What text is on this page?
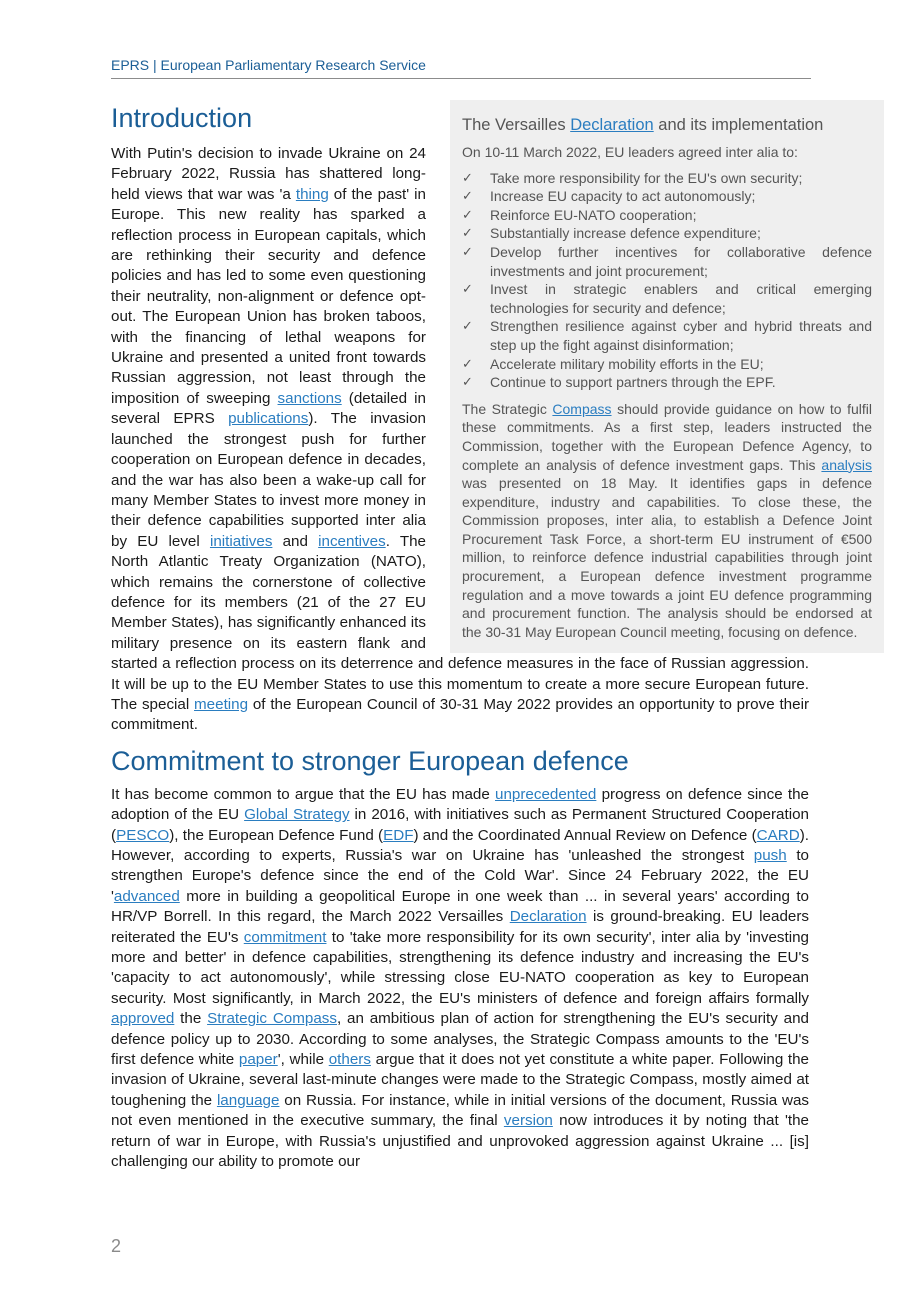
EPRS | European Parliamentary Research Service
The Versailles Declaration and its implementation
On 10-11 March 2022, EU leaders agreed inter alia to:
✓ Take more responsibility for the EU's own security;
✓ Increase EU capacity to act autonomously;
✓ Reinforce EU-NATO cooperation;
✓ Substantially increase defence expenditure;
✓ Develop further incentives for collaborative defence investments and joint procurement;
✓ Invest in strategic enablers and critical emerging technologies for security and defence;
✓ Strengthen resilience against cyber and hybrid threats and step up the fight against disinformation;
✓ Accelerate military mobility efforts in the EU;
✓ Continue to support partners through the EPF.

The Strategic Compass should provide guidance on how to fulfil these commitments. As a first step, leaders instructed the Commission, together with the European Defence Agency, to complete an analysis of defence investment gaps. This analysis was presented on 18 May. It identifies gaps in defence expenditure, industry and capabilities. To close these, the Commission proposes, inter alia, to establish a Defence Joint Procurement Task Force, a short-term EU instrument of €500 million, to reinforce defence industrial capabilities through joint procurement, a European defence investment programme regulation and a move towards a joint EU defence programming and procurement function. The analysis should be endorsed at the 30-31 May European Council meeting, focusing on defence.

Introduction

With Putin's decision to invade Ukraine on 24 February 2022, Russia has shattered long-held views that war was 'a thing of the past' in Europe. This new reality has sparked a reflection process in European capitals, which are rethinking their security and defence policies and has led to some even questioning their neutrality, non-alignment or defence opt-out. The European Union has broken taboos, with the financing of lethal weapons for Ukraine and presented a united front towards Russian aggression, not least through the imposition of sweeping sanctions (detailed in several EPRS publications). The invasion launched the strongest push for further cooperation on European defence in decades, and the war has also been a wake-up call for many Member States to invest more money in their defence capabilities supported inter alia by EU level initiatives and incentives. The North Atlantic Treaty Organization (NATO), which remains the cornerstone of collective defence for its members (21 of the 27 EU Member States), has significantly enhanced its military presence on its eastern flank and started a reflection process on its deterrence and defence measures in the face of Russian aggression. It will be up to the EU Member States to use this momentum to create a more secure European future. The special meeting of the European Council of 30-31 May 2022 provides an opportunity to prove their commitment.

Commitment to stronger European defence

It has become common to argue that the EU has made unprecedented progress on defence since the adoption of the EU Global Strategy in 2016, with initiatives such as Permanent Structured Cooperation (PESCO), the European Defence Fund (EDF) and the Coordinated Annual Review on Defence (CARD). However, according to experts, Russia's war on Ukraine has 'unleashed the strongest push to strengthen Europe's defence since the end of the Cold War'. Since 24 February 2022, the EU 'advanced more in building a geopolitical Europe in one week than ... in several years' according to HR/VP Borrell. In this regard, the March 2022 Versailles Declaration is ground-breaking. EU leaders reiterated the EU's commitment to 'take more responsibility for its own security', inter alia by 'investing more and better' in defence capabilities, strengthening its defence industry and increasing the EU's 'capacity to act autonomously', while stressing close EU-NATO cooperation as key to European security. Most significantly, in March 2022, the EU's ministers of defence and foreign affairs formally approved the Strategic Compass, an ambitious plan of action for strengthening the EU's security and defence policy up to 2030. According to some analyses, the Strategic Compass amounts to the 'EU's first defence white paper', while others argue that it does not yet constitute a white paper. Following the invasion of Ukraine, several last-minute changes were made to the Strategic Compass, mostly aimed at toughening the language on Russia. For instance, while in initial versions of the document, Russia was not even mentioned in the executive summary, the final version now introduces it by noting that 'the return of war in Europe, with Russia's unjustified and unprovoked aggression against Ukraine ... [is] challenging our ability to promote our

2
